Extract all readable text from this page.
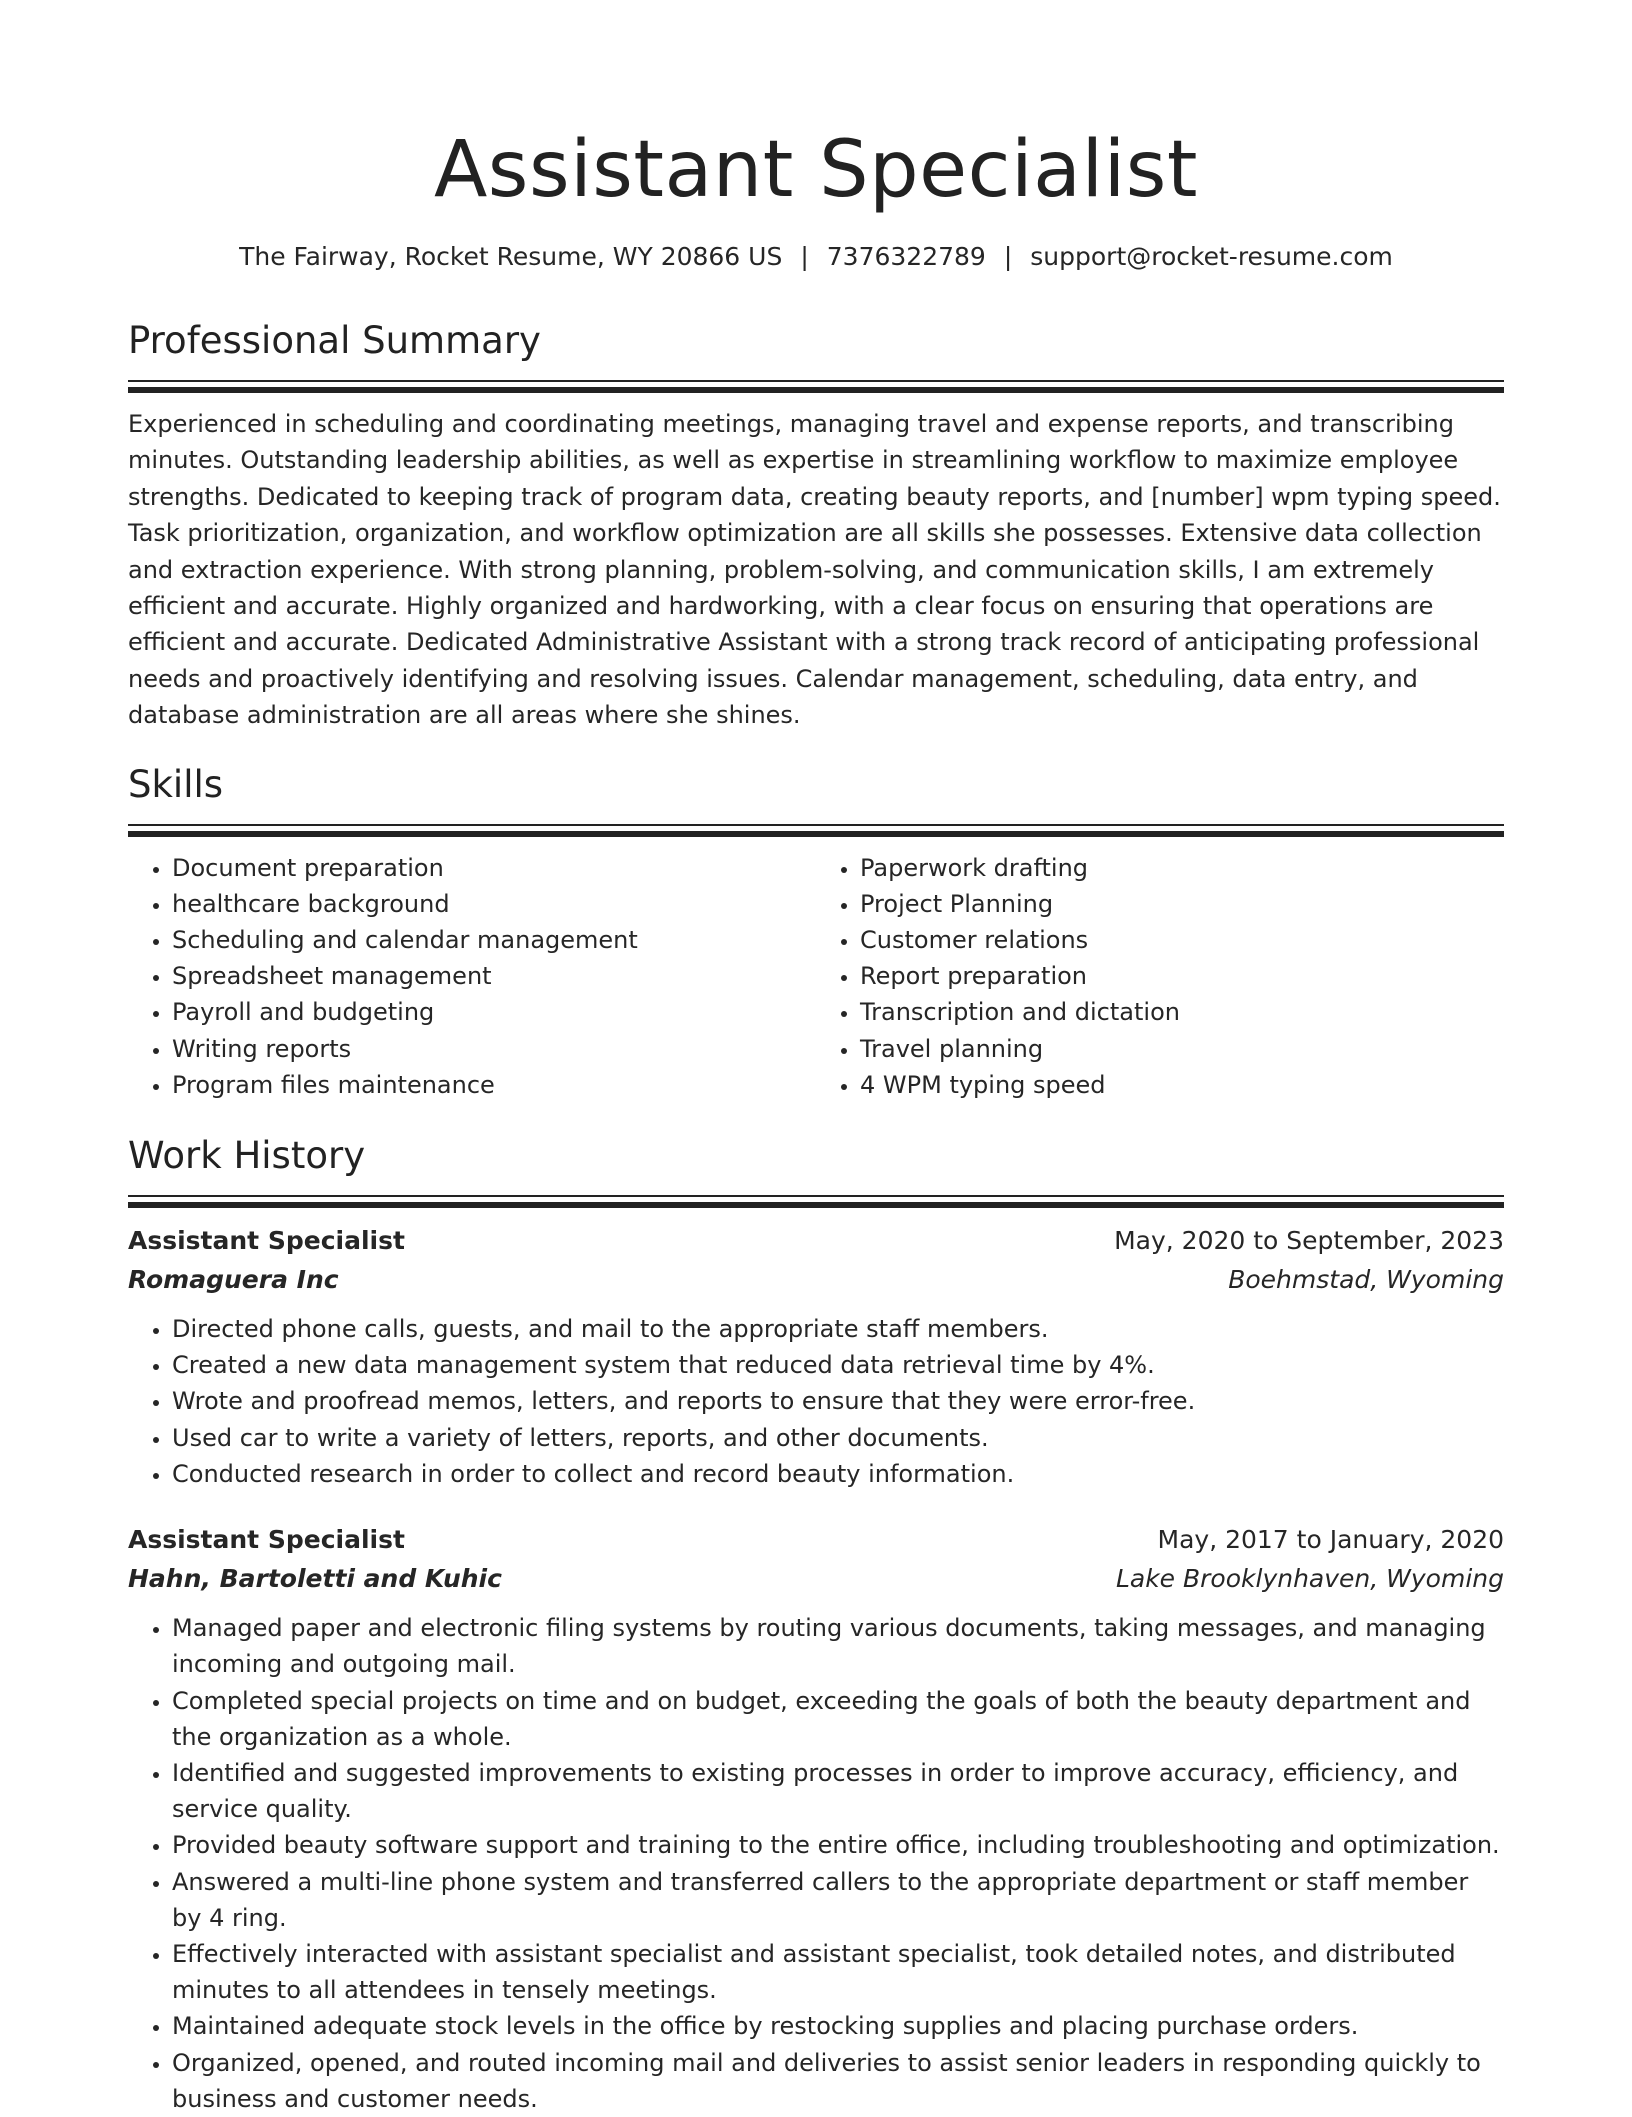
Assistant Specialist
The Fairway, Rocket Resume, WY 20866 US | 7376322789 | support@rocket-resume.com
Professional Summary

Experienced in scheduling and coordinating meetings, managing travel and expense reports, and transcribing minutes. Outstanding leadership abilities, as well as expertise in streamlining workflow to maximize employee strengths. Dedicated to keeping track of program data, creating beauty reports, and [number] wpm typing speed. Task prioritization, organization, and workflow optimization are all skills she possesses. Extensive data collection and extraction experience. With strong planning, problem-solving, and communication skills, I am extremely efficient and accurate. Highly organized and hardworking, with a clear focus on ensuring that operations are efficient and accurate. Dedicated Administrative Assistant with a strong track record of anticipating professional needs and proactively identifying and resolving issues. Calendar management, scheduling, data entry, and database administration are all areas where she shines.

Skills
• Document preparation
• healthcare background
• Scheduling and calendar management
• Spreadsheet management
• Payroll and budgeting
• Writing reports
• Program files maintenance
• Paperwork drafting
• Project Planning
• Customer relations
• Report preparation
• Transcription and dictation
• Travel planning
• 4 WPM typing speed
Work History
Assistant Specialist	May, 2020 to September, 2023
Romaguera Inc	Boehmstad, Wyoming
• Directed phone calls, guests, and mail to the appropriate staff members.
• Created a new data management system that reduced data retrieval time by 4%.
• Wrote and proofread memos, letters, and reports to ensure that they were error-free.
• Used car to write a variety of letters, reports, and other documents.
• Conducted research in order to collect and record beauty information.
Assistant Specialist	May, 2017 to January, 2020
Hahn, Bartoletti and Kuhic	Lake Brooklynhaven, Wyoming
• Managed paper and electronic filing systems by routing various documents, taking messages, and managing incoming and outgoing mail.
• Completed special projects on time and on budget, exceeding the goals of both the beauty department and the organization as a whole.
• Identified and suggested improvements to existing processes in order to improve accuracy, efficiency, and service quality.
• Provided beauty software support and training to the entire office, including troubleshooting and optimization.
• Answered a multi-line phone system and transferred callers to the appropriate department or staff member by 4 ring.
• Effectively interacted with assistant specialist and assistant specialist, took detailed notes, and distributed minutes to all attendees in tensely meetings.
• Maintained adequate stock levels in the office by restocking supplies and placing purchase orders.
• Organized, opened, and routed incoming mail and deliveries to assist senior leaders in responding quickly to business and customer needs.
